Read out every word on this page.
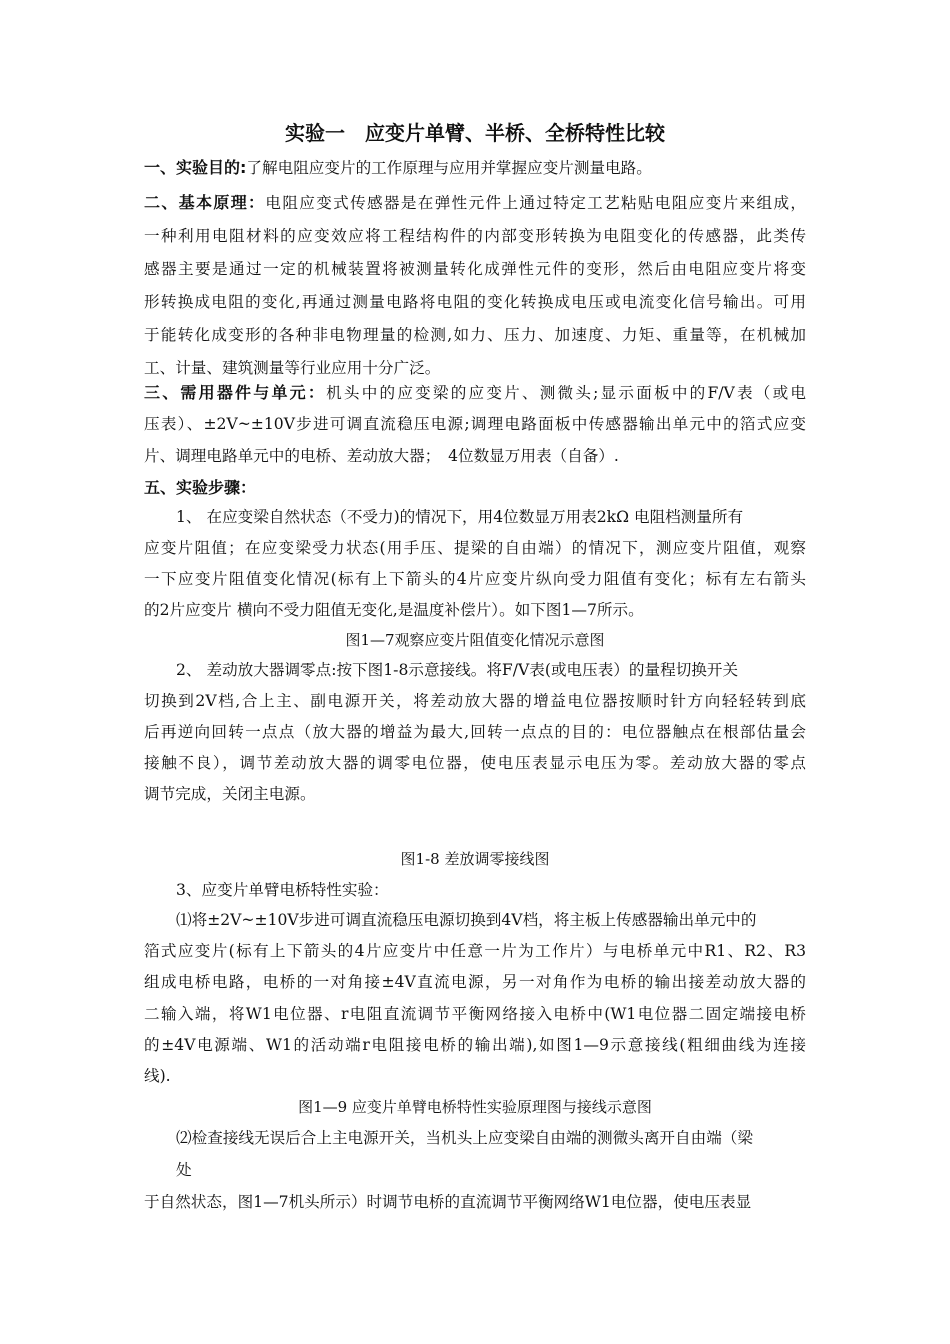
实验一　应变片单臂、半桥、全桥特性比较
一、实验目的:了解电阻应变片的工作原理与应用并掌握应变片测量电路。
二、基本原理：电阻应变式传感器是在弹性元件上通过特定工艺粘贴电阻应变片来组成，
一种利用电阻材料的应变效应将工程结构件的内部变形转换为电阻变化的传感器，此类传
感器主要是通过一定的机械装置将被测量转化成弹性元件的变形，然后由电阻应变片将变
形转换成电阻的变化,再通过测量电路将电阻的变化转换成电压或电流变化信号输出。可用
于能转化成变形的各种非电物理量的检测,如力、压力、加速度、力矩、重量等，在机械加
工、计量、建筑测量等行业应用十分广泛。
三、需用器件与单元：机头中的应变梁的应变片、测微头;显示面板中的F/V表（或电
压表）、±2V~±10V步进可调直流稳压电源;调理电路面板中传感器输出单元中的箔式应变
片、调理电路单元中的电桥、差动放大器；　4位数显万用表（自备）.
五、实验步骤：
1、 在应变梁自然状态（不受力)的情况下，用4位数显万用表2kΩ 电阻档测量所有
应变片阻值；在应变梁受力状态(用手压、提梁的自由端）的情况下，测应变片阻值，观察
一下应变片阻值变化情况(标有上下箭头的4片应变片纵向受力阻值有变化；标有左右箭头
的2片应变片 横向不受力阻值无变化,是温度补偿片）。如下图1—7所示。
图1—7观察应变片阻值变化情况示意图
2、 差动放大器调零点:按下图1-8示意接线。将F/V表(或电压表）的量程切换开关
切换到2V档,合上主、副电源开关，将差动放大器的增益电位器按顺时针方向轻轻转到底
后再逆向回转一点点（放大器的增益为最大,回转一点点的目的：电位器触点在根部估量会
接触不良），调节差动放大器的调零电位器，使电压表显示电压为零。差动放大器的零点
调节完成，关闭主电源。
图1-8 差放调零接线图
3、应变片单臂电桥特性实验：
⑴将±2V~±10V步进可调直流稳压电源切换到4V档，将主板上传感器输出单元中的
箔式应变片(标有上下箭头的4片应变片中任意一片为工作片）与电桥单元中R1、R2、R3
组成电桥电路，电桥的一对角接±4V直流电源，另一对角作为电桥的输出接差动放大器的
二输入端，将W1电位器、r电阻直流调节平衡网络接入电桥中(W1电位器二固定端接电桥
的±4V电源端、W1的活动端r电阻接电桥的输出端),如图1—9示意接线(粗细曲线为连接
线).
图1—9 应变片单臂电桥特性实验原理图与接线示意图
⑵检查接线无误后合上主电源开关，当机头上应变梁自由端的测微头离开自由端（梁
处
于自然状态，图1—7机头所示）时调节电桥的直流调节平衡网络W1电位器，使电压表显
